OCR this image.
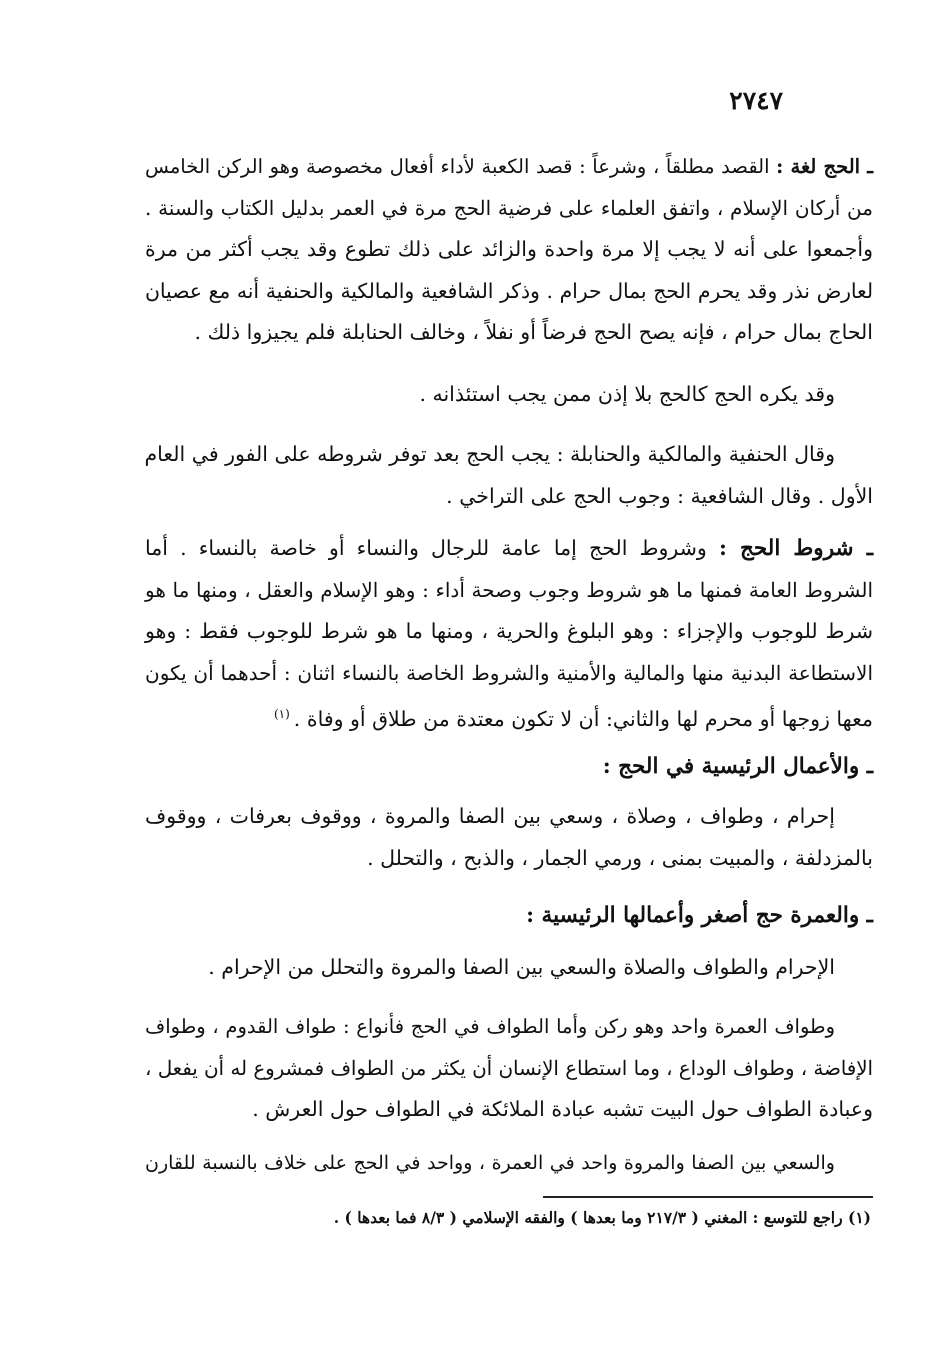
٢٧٤٧
ـ الحج لغة : القصد مطلقاً ، وشرعاً : قصد الكعبة لأداء أفعال مخصوصة وهو الركن الخامس
من أركان الإسلام ، واتفق العلماء على فرضية الحج مرة في العمر بدليل الكتاب والسنة .
وأجمعوا على أنه لا يجب إلا مرة واحدة والزائد على ذلك تطوع وقد يجب أكثر من مرة
لعارض نذر وقد يحرم الحج بمال حرام . وذكر الشافعية والمالكية والحنفية أنه مع عصيان
الحاج بمال حرام ، فإنه يصح الحج فرضاً أو نفلاً ، وخالف الحنابلة فلم يجيزوا ذلك .
وقد يكره الحج كالحج بلا إذن ممن يجب استئذانه .
وقال الحنفية والمالكية والحنابلة : يجب الحج بعد توفر شروطه على الفور في العام
الأول . وقال الشافعية : وجوب الحج على التراخي .
ـ شروط الحج : وشروط الحج إما عامة للرجال والنساء أو خاصة بالنساء . أما
الشروط العامة فمنها ما هو شروط وجوب وصحة أداء : وهو الإسلام والعقل ، ومنها ما هو
شرط للوجوب والإجزاء : وهو البلوغ والحرية ، ومنها ما هو شرط للوجوب فقط : وهو
الاستطاعة البدنية منها والمالية والأمنية والشروط الخاصة بالنساء اثنان : أحدهما أن يكون
معها زوجها أو محرم لها والثاني: أن لا تكون معتدة من طلاق أو وفاة .$^{(١)}$
ـ والأعمال الرئيسية في الحج :
إحرام ، وطواف ، وصلاة ، وسعي بين الصفا والمروة ، ووقوف بعرفات ، ووقوف
بالمزدلفة ، والمبيت بمنى ، ورمي الجمار ، والذبح ، والتحلل .
ـ والعمرة حج أصغر وأعمالها الرئيسية :
الإحرام والطواف والصلاة والسعي بين الصفا والمروة والتحلل من الإحرام .
وطواف العمرة واحد وهو ركن وأما الطواف في الحج فأنواع : طواف القدوم ، وطواف
الإفاضة ، وطواف الوداع ، وما استطاع الإنسان أن يكثر من الطواف فمشروع له أن يفعل ،
وعبادة الطواف حول البيت تشبه عبادة الملائكة في الطواف حول العرش .
والسعي بين الصفا والمروة واحد في العمرة ، وواحد في الحج على خلاف بالنسبة للقارن
(١) راجع للتوسع : المغني ( ٢١٧/٣ وما بعدها ) والفقه الإسلامي ( ٨/٣ فما بعدها ) .
